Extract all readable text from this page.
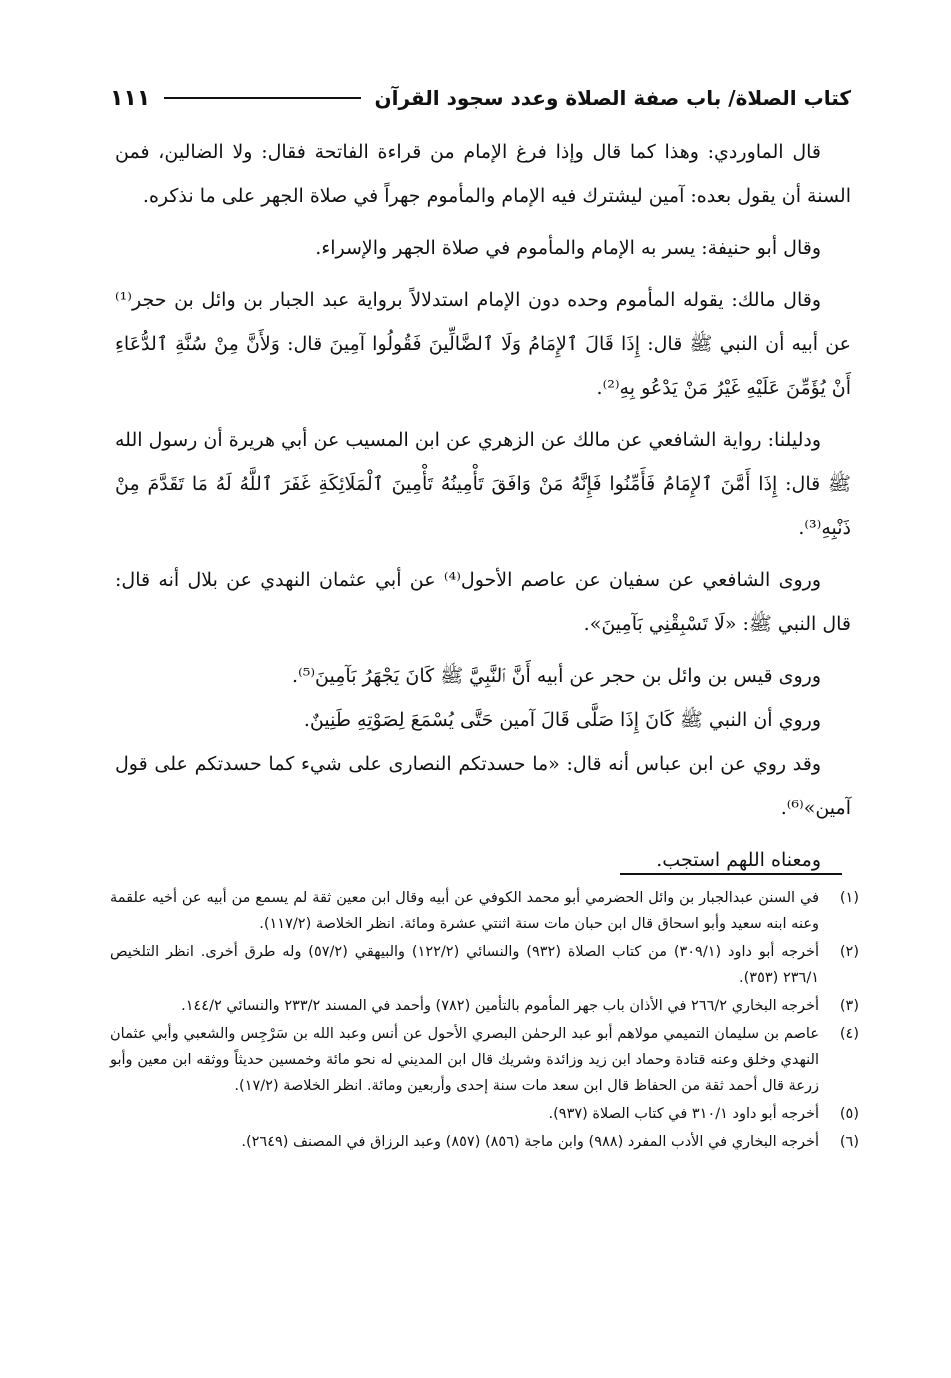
كتاب الصلاة/ باب صفة الصلاة وعدد سجود القرآن
١١١

قال الماوردي: وهذا كما قال وإذا فرغ الإمام من قراءة الفاتحة فقال: ولا الضالين، فمن السنة أن يقول بعده: آمين ليشترك فيه الإمام والمأموم جهراً في صلاة الجهر على ما نذكره.

وقال أبو حنيفة: يسر به الإمام والمأموم في صلاة الجهر والإسراء.

وقال مالك: يقوله المأموم وحده دون الإمام استدلالاً برواية عبد الجبار بن وائل بن حجر⁽¹⁾ عن أبيه أن النبي ﷺ قال: إِذَا قَالَ ٱلإِمَامُ وَلَا ٱلضَّالِّينَ فَقُولُوا آمِينَ قال: وَلأَنَّ مِنْ سُنَّةِ ٱلدُّعَاءِ أَنْ يُؤَمِّنَ عَلَيْهِ غَيْرُ مَنْ يَدْعُو بِهِ⁽²⁾.

ودليلنا: رواية الشافعي عن مالك عن الزهري عن ابن المسيب عن أبي هريرة أن رسول الله ﷺ قال: إِذَا أَمَّنَ ٱلإِمَامُ فَأَمِّنُوا فَإِنَّهُ مَنْ وَافَقَ تَأْمِينُهُ تَأْمِينَ ٱلْمَلَائِكَةِ غَفَرَ ٱللَّهُ لَهُ مَا تَقَدَّمَ مِنْ ذَنْبِهِ⁽³⁾.

وروى الشافعي عن سفيان عن عاصم الأحول⁽⁴⁾ عن أبي عثمان النهدي عن بلال أنه قال: قال النبي ﷺ: «لَا تَسْبِقْنِي بَآمِينَ».

وروى قيس بن وائل بن حجر عن أبيه أَنَّ ٱلنَّبِيَّ ﷺ كَانَ يَجْهَرُ بَآمِينَ⁽⁵⁾.

وروي أن النبي ﷺ كَانَ إِذَا صَلَّى قَالَ آمين حَتَّى يُسْمَعَ لِصَوْتِهِ طَنِينٌ.

وقد روي عن ابن عباس أنه قال: «ما حسدتكم النصارى على شيء كما حسدتكم على قول آمين»⁽⁶⁾.

ومعناه اللهم استجب.

(١)
في السنن عبدالجبار بن وائل الحضرمي أبو محمد الكوفي عن أبيه وقال ابن معين ثقة لم يسمع من أبيه عن أخيه علقمة وعنه ابنه سعيد وأبو اسحاق قال ابن حبان مات سنة اثنتي عشرة ومائة. انظر الخلاصة (١١٧/٢).
(٢)
أخرجه أبو داود (٣٠٩/١) من كتاب الصلاة (٩٣٢) والنسائي (١٢٢/٢) والبيهقي (٥٧/٢) وله طرق أخرى. انظر التلخيص ٢٣٦/١ (٣٥٣).
(٣)
أخرجه البخاري ٢٦٦/٢ في الأذان باب جهر المأموم بالتأمين (٧٨٢) وأحمد في المسند ٢٣٣/٢ والنسائي ١٤٤/٢.
(٤)
عاصم بن سليمان التميمي مولاهم أبو عبد الرحمٰن البصري الأحول عن أنس وعبد الله بن سَرْجِس والشعبي وأبي عثمان النهدي وخلق وعنه قتادة وحماد ابن زيد وزائدة وشريك قال ابن المديني له نحو مائة وخمسين حديثاً ووثقه ابن معين وأبو زرعة قال أحمد ثقة من الحفاظ قال ابن سعد مات سنة إحدى وأربعين ومائة. انظر الخلاصة (١٧/٢).
(٥)
أخرجه أبو داود ٣١٠/١ في كتاب الصلاة (٩٣٧).
(٦)
أخرجه البخاري في الأدب المفرد (٩٨٨) وابن ماجة (٨٥٦) (٨٥٧) وعبد الرزاق في المصنف (٢٦٤٩).
